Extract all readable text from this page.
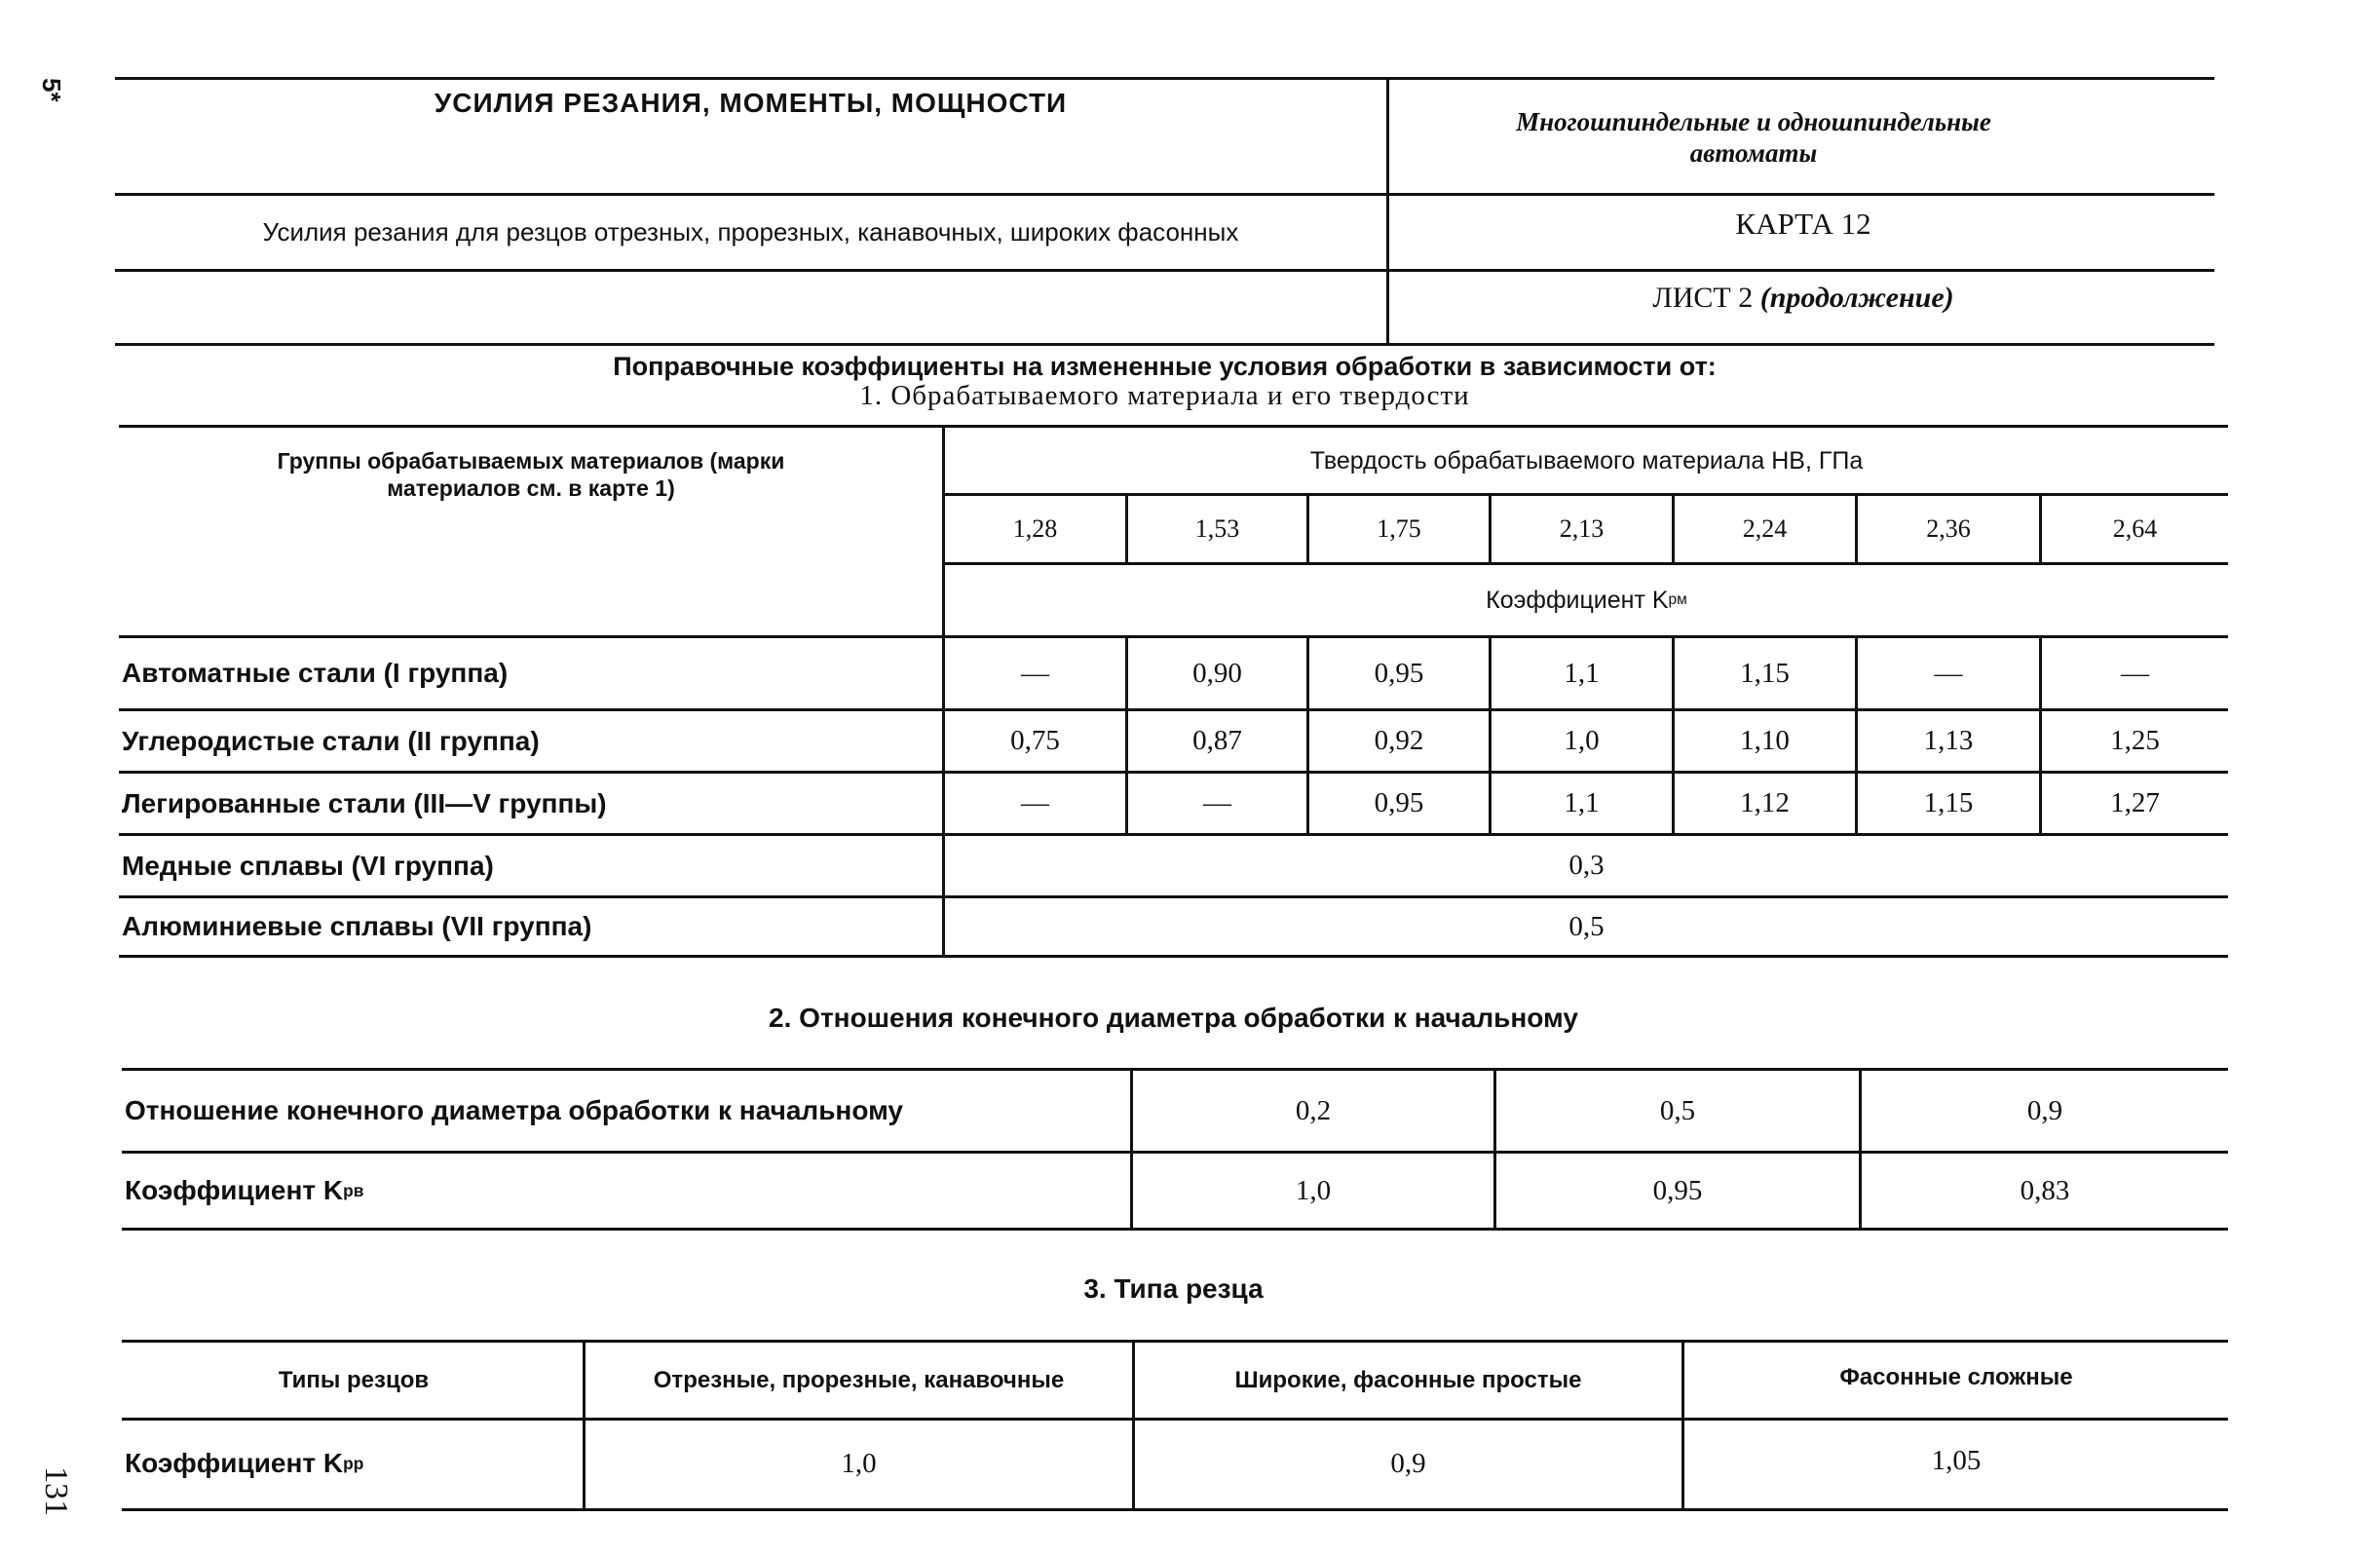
5*
131
УСИЛИЯ РЕЗАНИЯ, МОМЕНТЫ, МОЩНОСТИ
Многошпиндельные и одношпиндельные автоматы
Усилия резания для резцов отрезных, прорезных, канавочных, широких фасонных	КАРТА 12
ЛИСТ 2
(продолжение)
Поправочные коэффициенты на измененные условия обработки в зависимости от:
1. Обрабатываемого материала и его твердости
Группы обрабатываемых материалов (марки материалов см. в карте 1)
Твердость обрабатываемого материала НВ, ГПа
1,28	1,53	1,75	2,13	2,24	2,36	2,64
Коэффициент K рм
Автоматные стали (I группа)	—	0,90	0,95	1,1	1,15	—	—
Углеродистые стали (II группа)	0,75	0,87	0,92	1,0	1,10	1,13	1,25
Легированные стали (III—V группы)	—	—	0,95	1,1	1,12	1,15	1,27
Медные сплавы (VI группа)	0,3
Алюминиевые сплавы (VII группа)	0,5
2. Отношения конечного диаметра обработки к начальному
Отношение конечного диаметра обработки к начальному	0,2	0,5	0,9
Коэффициент K рв	1,0	0,95	0,83
3. Типа резца
Типы резцов	Отрезные, прорезные, канавочные	Широкие, фасонные простые	Фасонные сложные
Коэффициент K рр	1,0	0,9	1,05
